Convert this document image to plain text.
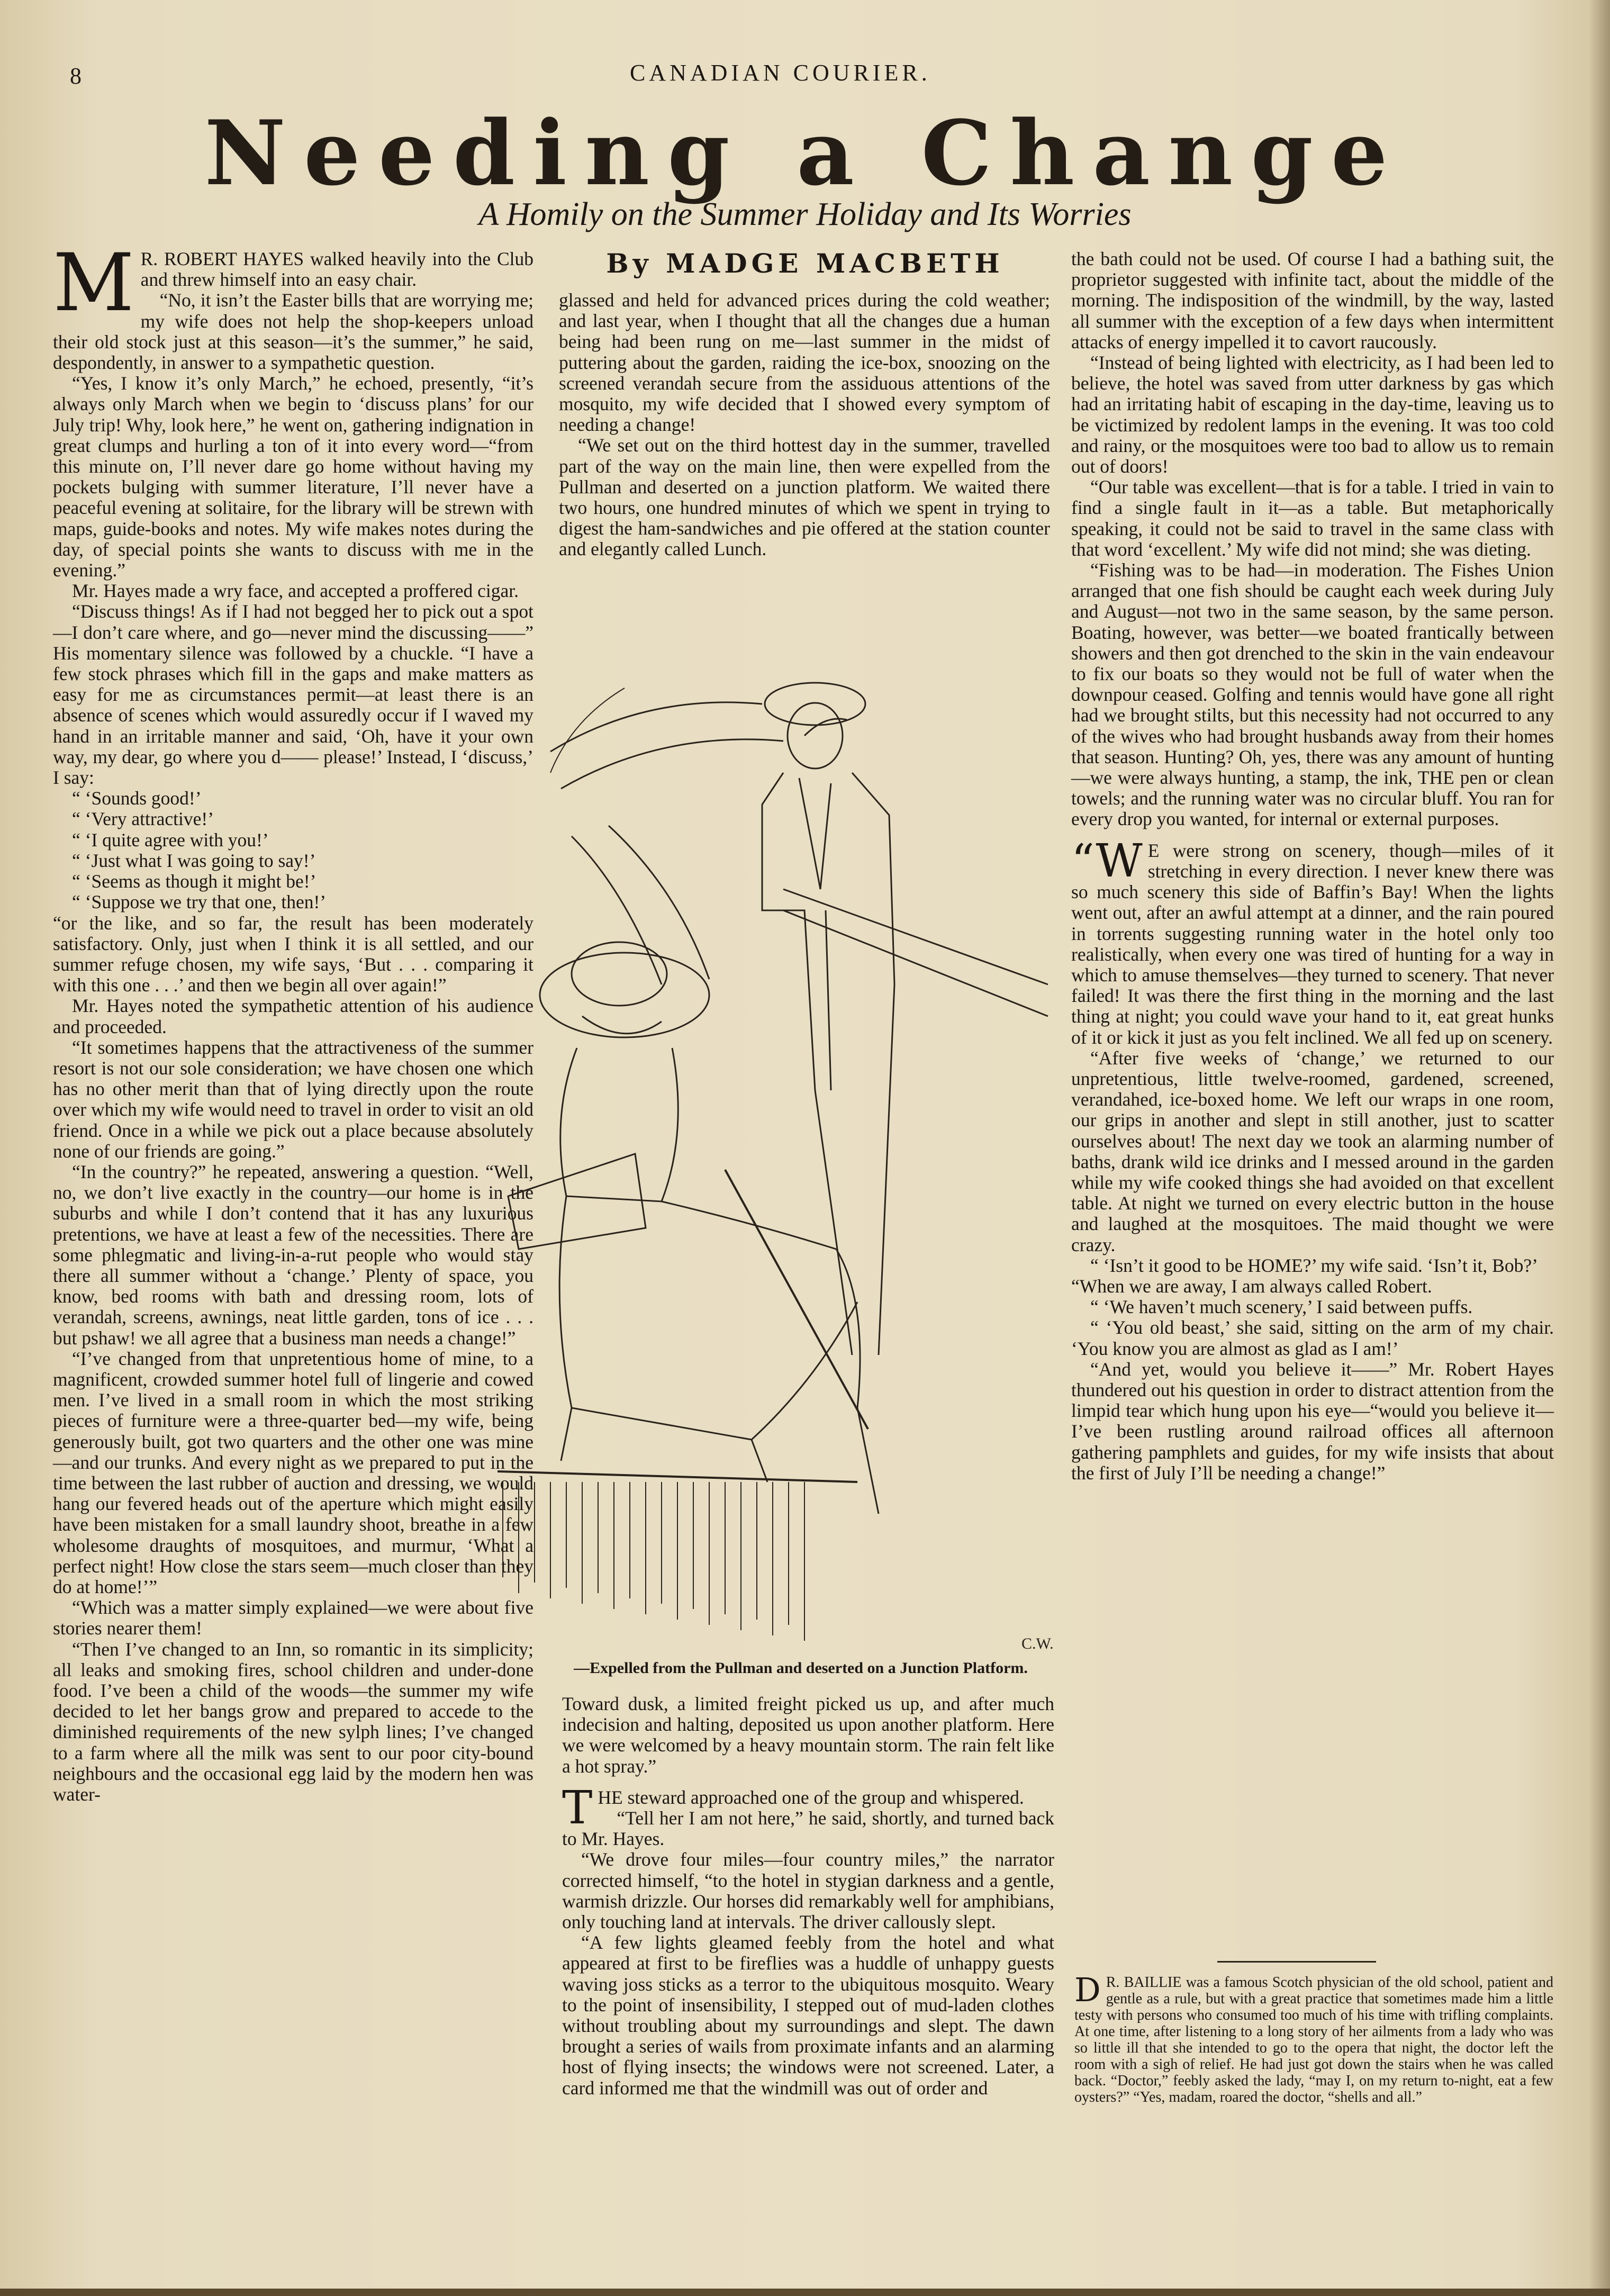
8	CANADIAN COURIER.
Needing a Change
A Homily on the Summer Holiday and Its Worries
By MADGE MACBETH

M R. ROBERT HAYES walked heavily into the Club and threw himself into an easy chair.

“No, it isn’t the Easter bills that are worrying me; my wife does not help the shop-keepers unload their old stock just at this season—it’s the summer,” he said, despondently, in answer to a sympathetic question.

“Yes, I know it’s only March,” he echoed, presently, “it’s always only March when we begin to ‘discuss plans’ for our July trip! Why, look here,” he went on, gathering indignation in great clumps and hurling a ton of it into every word—“from this minute on, I’ll never dare go home without having my pockets bulging with summer literature, I’ll never have a peaceful evening at solitaire, for the library will be strewn with maps, guide-books and notes. My wife makes notes during the day, of special points she wants to discuss with me in the evening.”

Mr. Hayes made a wry face, and accepted a proffered cigar.

“Discuss things! As if I had not begged her to pick out a spot—I don’t care where, and go—never mind the discussing——” His momentary silence was followed by a chuckle. “I have a few stock phrases which fill in the gaps and make matters as easy for me as circumstances permit—at least there is an absence of scenes which would assuredly occur if I waved my hand in an irritable manner and said, ‘Oh, have it your own way, my dear, go where you d—— please!’ Instead, I ‘discuss,’ I say:

“ ‘Sounds good!’

“ ‘Very attractive!’

“ ‘I quite agree with you!’

“ ‘Just what I was going to say!’

“ ‘Seems as though it might be!’

“ ‘Suppose we try that one, then!’

“or the like, and so far, the result has been moderately satisfactory. Only, just when I think it is all settled, and our summer refuge chosen, my wife says, ‘But . . . comparing it with this one . . .’ and then we begin all over again!”

Mr. Hayes noted the sympathetic attention of his audience and proceeded.

“It sometimes happens that the attractiveness of the summer resort is not our sole consideration; we have chosen one which has no other merit than that of lying directly upon the route over which my wife would need to travel in order to visit an old friend. Once in a while we pick out a place because absolutely none of our friends are going.”

“In the country?” he repeated, answering a question. “Well, no, we don’t live exactly in the country—our home is in the suburbs and while I don’t contend that it has any luxurious pretentions, we have at least a few of the necessities. There are some phlegmatic and living-in-a-rut people who would stay there all summer without a ‘change.’ Plenty of space, you know, bed rooms with bath and dressing room, lots of verandah, screens, awnings, neat little garden, tons of ice . . . but pshaw! we all agree that a business man needs a change!”

“I’ve changed from that unpretentious home of mine, to a magnificent, crowded summer hotel full of lingerie and cowed men. I’ve lived in a small room in which the most striking pieces of furniture were a three-quarter bed—my wife, being generously built, got two quarters and the other one was mine—and our trunks. And every night as we prepared to put in the time between the last rubber of auction and dressing, we would hang our fevered heads out of the aperture which might easily have been mistaken for a small laundry shoot, breathe in a few wholesome draughts of mosquitoes, and murmur, ‘What a perfect night! How close the stars seem—much closer than they do at home!’”

“Which was a matter simply explained—we were about five stories nearer them!

“Then I’ve changed to an Inn, so romantic in its simplicity; all leaks and smoking fires, school children and under-done food. I’ve been a child of the woods—the summer my wife decided to let her bangs grow and prepared to accede to the diminished requirements of the new sylph lines; I’ve changed to a farm where all the milk was sent to our poor city-bound neighbours and the occasional egg laid by the modern hen was water-

glassed and held for advanced prices during the cold weather; and last year, when I thought that all the changes due a human being had been rung on me—last summer in the midst of puttering about the garden, raiding the ice-box, snoozing on the screened verandah secure from the assiduous attentions of the mosquito, my wife decided that I showed every symptom of needing a change!

“We set out on the third hottest day in the summer, travelled part of the way on the main line, then were expelled from the Pullman and deserted on a junction platform. We waited there two hours, one hundred minutes of which we spent in trying to digest the ham-sandwiches and pie offered at the station counter and elegantly called Lunch.

C.W.
—Expelled from the Pullman and deserted on a Junction Platform.

Toward dusk, a limited freight picked us up, and after much indecision and halting, deposited us upon another platform. Here we were welcomed by a heavy mountain storm. The rain felt like a hot spray.”

THE steward approached one of the group and whispered.

“Tell her I am not here,” he said, shortly, and turned back to Mr. Hayes.

“We drove four miles—four country miles,” the narrator corrected himself, “to the hotel in stygian darkness and a gentle, warmish drizzle. Our horses did remarkably well for amphibians, only touching land at intervals. The driver callously slept.

“A few lights gleamed feebly from the hotel and what appeared at first to be fireflies was a huddle of unhappy guests waving joss sticks as a terror to the ubiquitous mosquito. Weary to the point of insensibility, I stepped out of mud-laden clothes without troubling about my surroundings and slept. The dawn brought a series of wails from proximate infants and an alarming host of flying insects; the windows were not screened. Later, a card informed me that the windmill was out of order and

the bath could not be used. Of course I had a bathing suit, the proprietor suggested with infinite tact, about the middle of the morning. The indisposition of the windmill, by the way, lasted all summer with the exception of a few days when intermittent attacks of energy impelled it to cavort raucously.

“Instead of being lighted with electricity, as I had been led to believe, the hotel was saved from utter darkness by gas which had an irritating habit of escaping in the day-time, leaving us to be victimized by redolent lamps in the evening. It was too cold and rainy, or the mosquitoes were too bad to allow us to remain out of doors!

“Our table was excellent—that is for a table. I tried in vain to find a single fault in it—as a table. But metaphorically speaking, it could not be said to travel in the same class with that word ‘excellent.’ My wife did not mind; she was dieting.

“Fishing was to be had—in moderation. The Fishes Union arranged that one fish should be caught each week during July and August—not two in the same season, by the same person. Boating, however, was better—we boated frantically between showers and then got drenched to the skin in the vain endeavour to fix our boats so they would not be full of water when the downpour ceased. Golfing and tennis would have gone all right had we brought stilts, but this necessity had not occurred to any of the wives who had brought husbands away from their homes that season. Hunting? Oh, yes, there was any amount of hunting—we were always hunting, a stamp, the ink, THE pen or clean towels; and the running water was no circular bluff. You ran for every drop you wanted, for internal or external purposes.

“W E were strong on scenery, though—miles of it stretching in every direction. I never knew there was so much scenery this side of Baffin’s Bay! When the lights went out, after an awful attempt at a dinner, and the rain poured in torrents suggesting running water in the hotel only too realistically, when every one was tired of hunting for a way in which to amuse themselves—they turned to scenery. That never failed! It was there the first thing in the morning and the last thing at night; you could wave your hand to it, eat great hunks of it or kick it just as you felt inclined. We all fed up on scenery.

“After five weeks of ‘change,’ we returned to our unpretentious, little twelve-roomed, gardened, screened, verandahed, ice-boxed home. We left our wraps in one room, our grips in another and slept in still another, just to scatter ourselves about! The next day we took an alarming number of baths, drank wild ice drinks and I messed around in the garden while my wife cooked things she had avoided on that excellent table. At night we turned on every electric button in the house and laughed at the mosquitoes. The maid thought we were crazy.

“ ‘Isn’t it good to be HOME?’ my wife said. ‘Isn’t it, Bob?’

“When we are away, I am always called Robert.

“ ‘We haven’t much scenery,’ I said between puffs.

“ ‘You old beast,’ she said, sitting on the arm of my chair. ‘You know you are almost as glad as I am!’

“And yet, would you believe it——” Mr. Robert Hayes thundered out his question in order to distract attention from the limpid tear which hung upon his eye—“would you believe it—I’ve been rustling around railroad offices all afternoon gathering pamphlets and guides, for my wife insists that about the first of July I’ll be needing a change!”

D R. BAILLIE was a famous Scotch physician of the old school, patient and gentle as a rule, but with a great practice that sometimes made him a little testy with persons who consumed too much of his time with trifling complaints. At one time, after listening to a long story of her ailments from a lady who was so little ill that she intended to go to the opera that night, the doctor left the room with a sigh of relief. He had just got down the stairs when he was called back. “Doctor,” feebly asked the lady, “may I, on my return to-night, eat a few oysters?” “Yes, madam, roared the doctor, “shells and all.”
